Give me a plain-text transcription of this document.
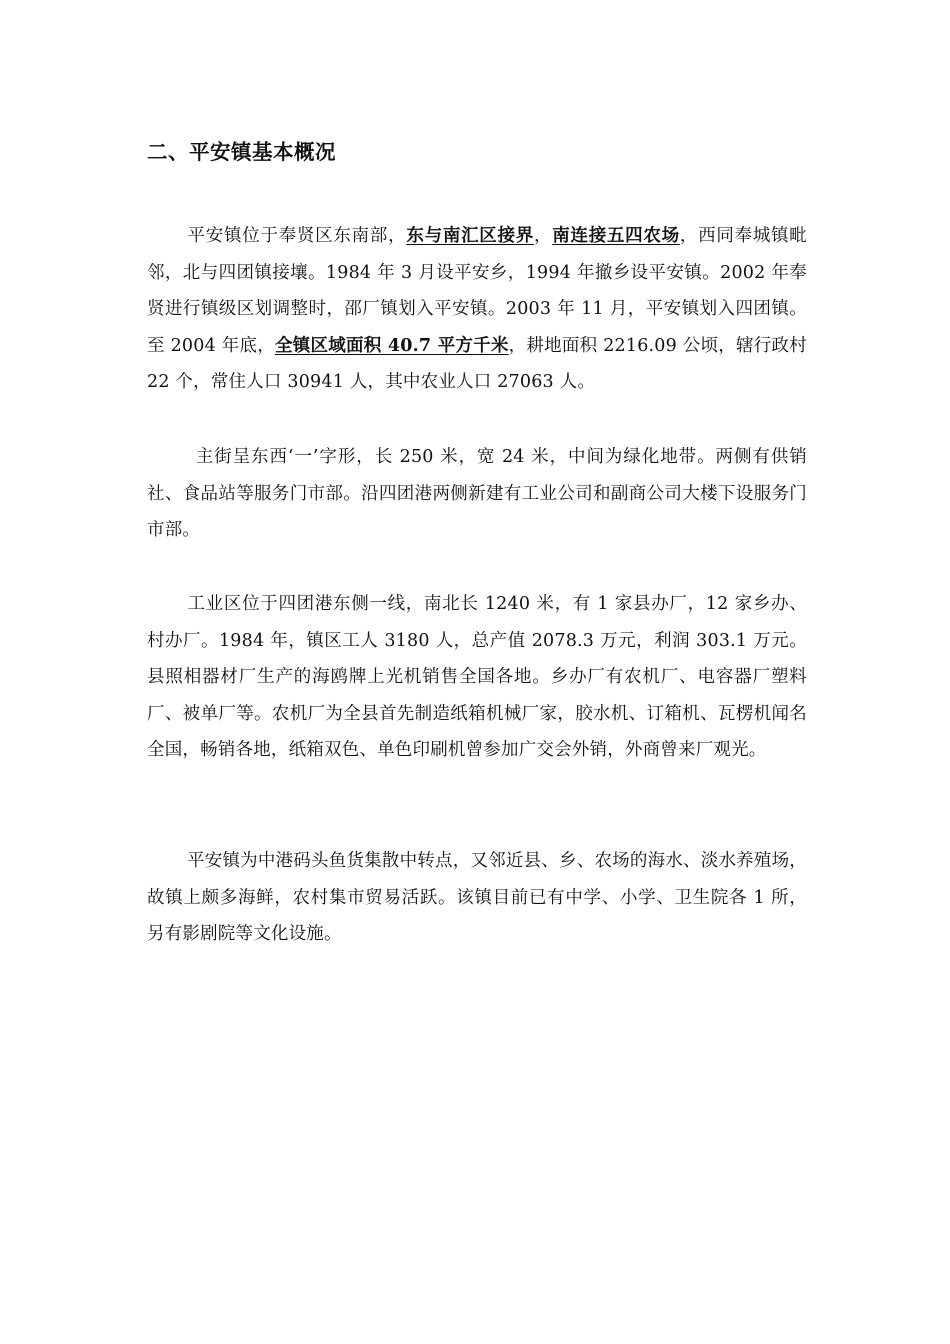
二、平安镇基本概况

平安镇位于奉贤区东南部，东与南汇区接界，南连接五四农场，西同奉城镇毗邻，北与四团镇接壤。1984 年 3 月设平安乡，1994 年撤乡设平安镇。2002 年奉贤进行镇级区划调整时，邵厂镇划入平安镇。2003 年 11 月，平安镇划入四团镇。至 2004 年底，全镇区域面积 40.7 平方千米，耕地面积 2216.09 公顷，辖行政村 22 个，常住人口 30941 人，其中农业人口 27063 人。

主街呈东西‘一’字形，长 250 米，宽 24 米，中间为绿化地带。两侧有供销社、食品站等服务门市部。沿四团港两侧新建有工业公司和副商公司大楼下设服务门市部。

工业区位于四团港东侧一线，南北长 1240 米，有 1 家县办厂，12 家乡办、村办厂。1984 年，镇区工人 3180 人，总产值 2078.3 万元，利润 303.1 万元。县照相器材厂生产的海鸥牌上光机销售全国各地。乡办厂有农机厂、电容器厂塑料厂、被单厂等。农机厂为全县首先制造纸箱机械厂家，胶水机、订箱机、瓦楞机闻名全国，畅销各地，纸箱双色、单色印刷机曾参加广交会外销，外商曾来厂观光。

平安镇为中港码头鱼货集散中转点，又邻近县、乡、农场的海水、淡水养殖场，故镇上颇多海鲜，农村集市贸易活跃。该镇目前已有中学、小学、卫生院各 1 所，另有影剧院等文化设施。
